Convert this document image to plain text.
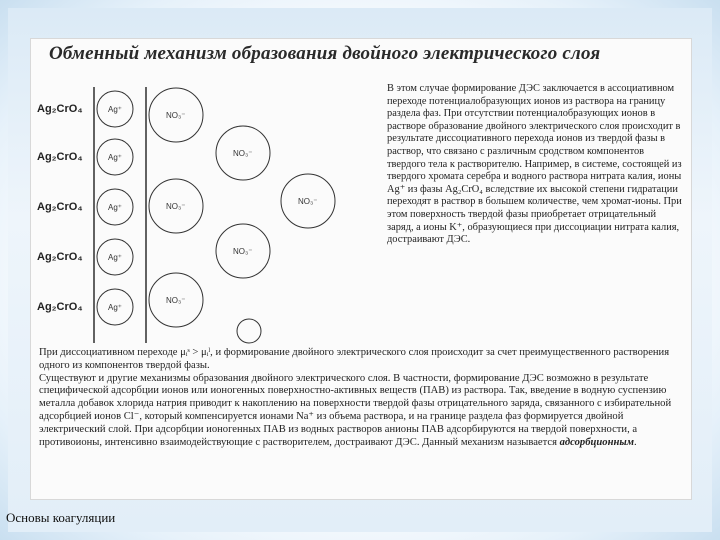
Обменный механизм образования двойного электрического слоя
Ag₂CrO₄
Ag₂CrO₄
Ag₂CrO₄
Ag₂CrO₄
Ag₂CrO₄
Ag⁺
Ag⁺
Ag⁺
Ag⁺
Ag⁺
NO₃⁻
NO₃⁻
NO₃⁻
NO₃⁻
NO₃⁻
NO₃⁻

В этом случае формирование ДЭС заключается в ассоциативном переходе потенциалобразующих ионов из раствора на границу раздела фаз. При отсутствии потенциалобразующих ионов в растворе образование двойного электрического слоя происходит в результате диссоциативного перехода ионов из твердой фазы в раствор, что связано с различным сродством компонентов твердого тела к растворителю. Например, в системе, состоящей из твердого хромата серебра и водного раствора нитрата калия, ионы Ag⁺ из фазы Ag₂CrO₄ вследствие их высокой степени гидратации переходят в раствор в большем количестве, чем хромат-ионы. При этом поверхность твердой фазы приобретает отрицательный заряд, а ионы K⁺, образующиеся при диссоциации нитрата калия, достраивают ДЭС.

При диссоциативном переходе μᵢˢ > μᵢˡ, и формирование двойного электрического слоя происходит за счет преимущественного растворения одного из компонентов твердой фазы.

Существуют и другие механизмы образования двойного электрического слоя. В частности, формирование ДЭС возможно в результате специфической адсорбции ионов или ионогенных поверхностно-активных веществ (ПАВ) из раствора. Так, введение в водную суспензию металла добавок хлорида натрия приводит к накоплению на поверхности твердой фазы отрицательного заряда, связанного с избирательной адсорбцией ионов Cl⁻, который компенсируется ионами Na⁺ из объема раствора, и на границе раздела фаз формируется двойной электрический слой. При адсорбции ионогенных ПАВ из водных растворов анионы ПАВ адсорбируются на твердой поверхности, а противоионы, интенсивно взаимодействующие с растворителем, достраивают ДЭС. Данный механизм называется адсорбционным.

Основы коагуляции
